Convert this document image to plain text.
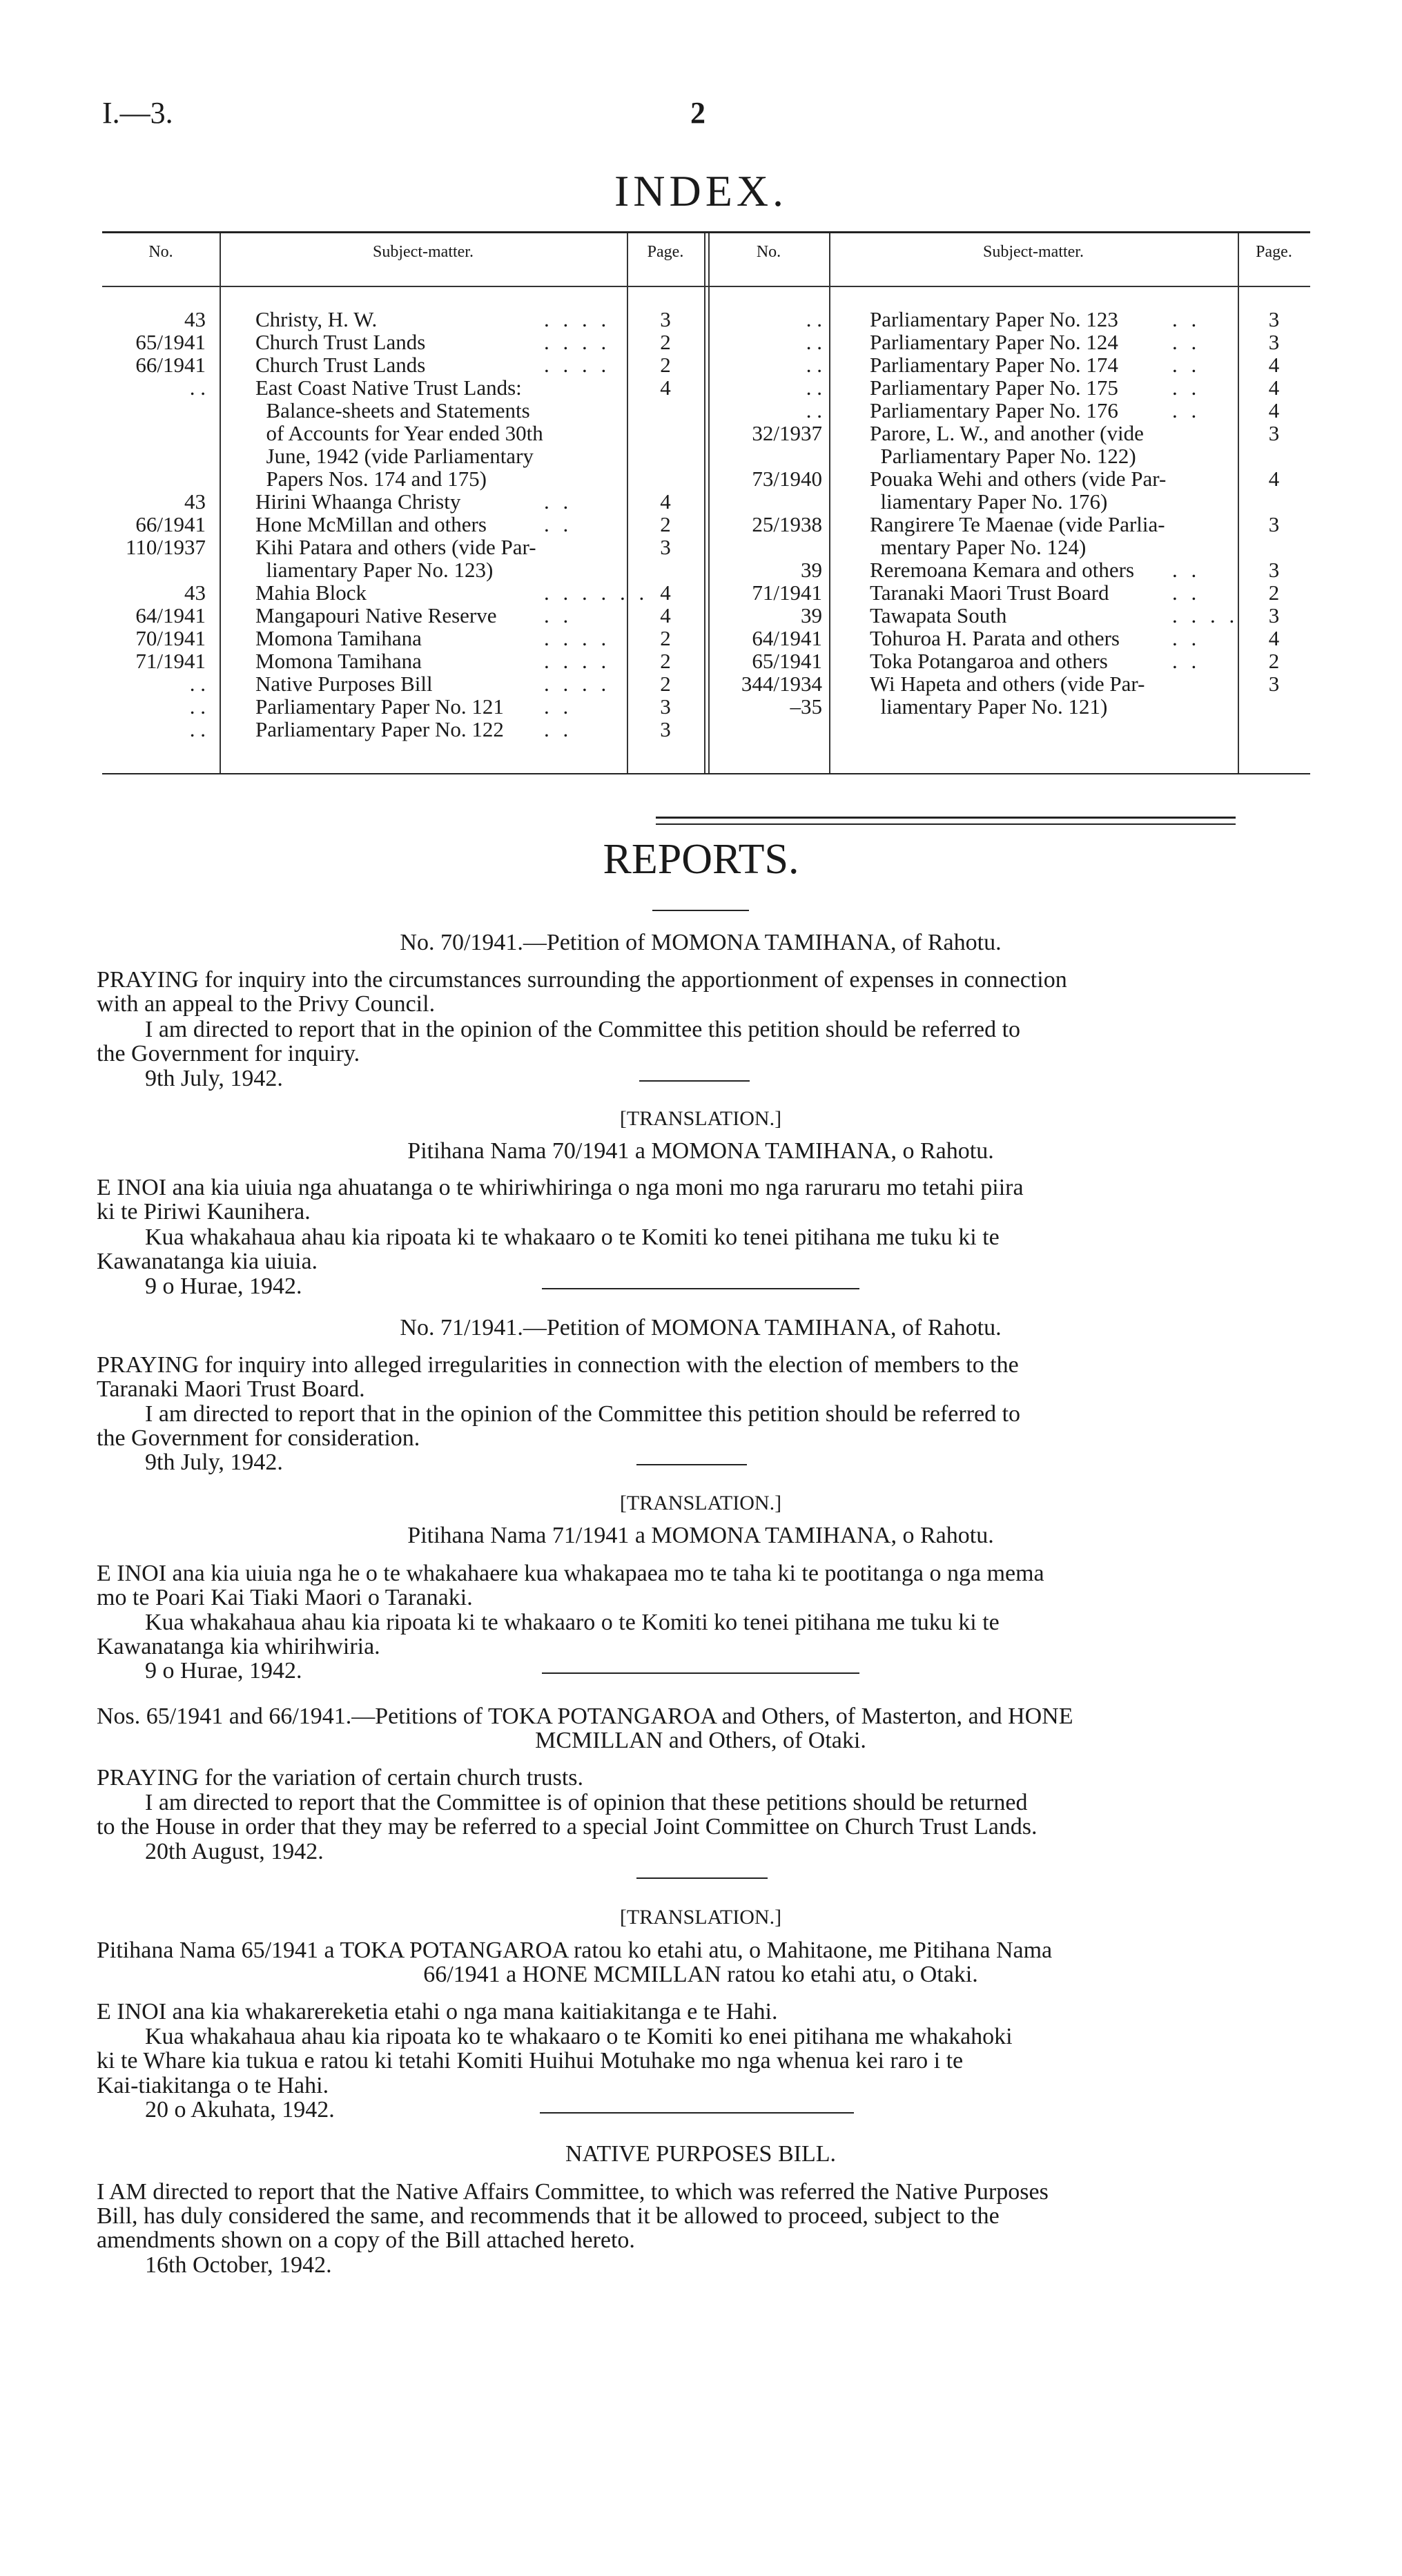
I.—3.	2
INDEX.
No.	Subject-matter.	Page.	No.	Subject-matter.	Page.
43 Christy, H. W.	. . . .	3
65/1941 Church Trust Lands	. . . .	2
66/1941 Church Trust Lands	. . . .	2
. . East Coast Native Trust Lands:	4
Balance-sheets and Statements
of Accounts for Year ended 30th
June, 1942 (vide Parliamentary
Papers Nos. 174 and 175)
43 Hirini Whaanga Christy	. .	4
66/1941 Hone McMillan and others	. .	2
110/1937 Kihi Patara and others (vide Par-	3
liamentary Paper No. 123)
43 Mahia Block	. . . . . . 4
64/1941 Mangapouri Native Reserve . .	4
70/1941 Momona Tamihana	. . . .	2
71/1941 Momona Tamihana	. . . .	2
. . Native Purposes Bill	. . . .	2
. . Parliamentary Paper No. 121 . .	3
. . Parliamentary Paper No. 122 . .	3
. . Parliamentary Paper No. 123	. .	3
. . Parliamentary Paper No. 124	. .	3
. . Parliamentary Paper No. 174	. .	4
. . Parliamentary Paper No. 175	. .	4
. . Parliamentary Paper No. 176	. .	4
32/1937 Parore, L. W., and another (vide	3
Parliamentary Paper No. 122)
73/1940 Pouaka Wehi and others (vide Par-	4
liamentary Paper No. 176)
25/1938 Rangirere Te Maenae (vide Parlia-	3
mentary Paper No. 124)
39 Reremoana Kemara and others . .	3
71/1941 Taranaki Maori Trust Board	. .	2
39 Tawapata South	. . . .	3
64/1941 Tohuroa H. Parata and others . .	4
65/1941 Toka Potangaroa and others	. .	2
344/1934 Wi Hapeta and others (vide Par-	3
–35 liamentary Paper No. 121)
REPORTS.
No. 70/1941.—Petition of MOMONA TAMIHANA, of Rahotu.
PRAYING for inquiry into the circumstances surrounding the apportionment of expenses in connection
with an appeal to the Privy Council.
I am directed to report that in the opinion of the Committee this petition should be referred to
the Government for inquiry.
9th July, 1942.
[TRANSLATION.]
Pitihana Nama 70/1941 a MOMONA TAMIHANA, o Rahotu.
E INOI ana kia uiuia nga ahuatanga o te whiriwhiringa o nga moni mo nga raruraru mo tetahi piira
ki te Piriwi Kaunihera.
Kua whakahaua ahau kia ripoata ki te whakaaro o te Komiti ko tenei pitihana me tuku ki te
Kawanatanga kia uiuia.
9 o Hurae, 1942.
No. 71/1941.—Petition of MOMONA TAMIHANA, of Rahotu.
PRAYING for inquiry into alleged irregularities in connection with the election of members to the
Taranaki Maori Trust Board.
I am directed to report that in the opinion of the Committee this petition should be referred to
the Government for consideration.
9th July, 1942.
[TRANSLATION.]
Pitihana Nama 71/1941 a MOMONA TAMIHANA, o Rahotu.
E INOI ana kia uiuia nga he o te whakahaere kua whakapaea mo te taha ki te pootitanga o nga mema
mo te Poari Kai Tiaki Maori o Taranaki.
Kua whakahaua ahau kia ripoata ki te whakaaro o te Komiti ko tenei pitihana me tuku ki te
Kawanatanga kia whirihwiria.
9 o Hurae, 1942.
Nos. 65/1941 and 66/1941.—Petitions of TOKA POTANGAROA and Others, of Masterton, and HONE
MCMILLAN and Others, of Otaki.
PRAYING for the variation of certain church trusts.
I am directed to report that the Committee is of opinion that these petitions should be returned
to the House in order that they may be referred to a special Joint Committee on Church Trust Lands.
20th August, 1942.
[TRANSLATION.]
Pitihana Nama 65/1941 a TOKA POTANGAROA ratou ko etahi atu, o Mahitaone, me Pitihana Nama
66/1941 a HONE MCMILLAN ratou ko etahi atu, o Otaki.
E INOI ana kia whakarereketia etahi o nga mana kaitiakitanga e te Hahi.
Kua whakahaua ahau kia ripoata ko te whakaaro o te Komiti ko enei pitihana me whakahoki
ki te Whare kia tukua e ratou ki tetahi Komiti Huihui Motuhake mo nga whenua kei raro i te
Kai-tiakitanga o te Hahi.
20 o Akuhata, 1942.
NATIVE PURPOSES BILL.
I AM directed to report that the Native Affairs Committee, to which was referred the Native Purposes
Bill, has duly considered the same, and recommends that it be allowed to proceed, subject to the
amendments shown on a copy of the Bill attached hereto.
16th October, 1942.
